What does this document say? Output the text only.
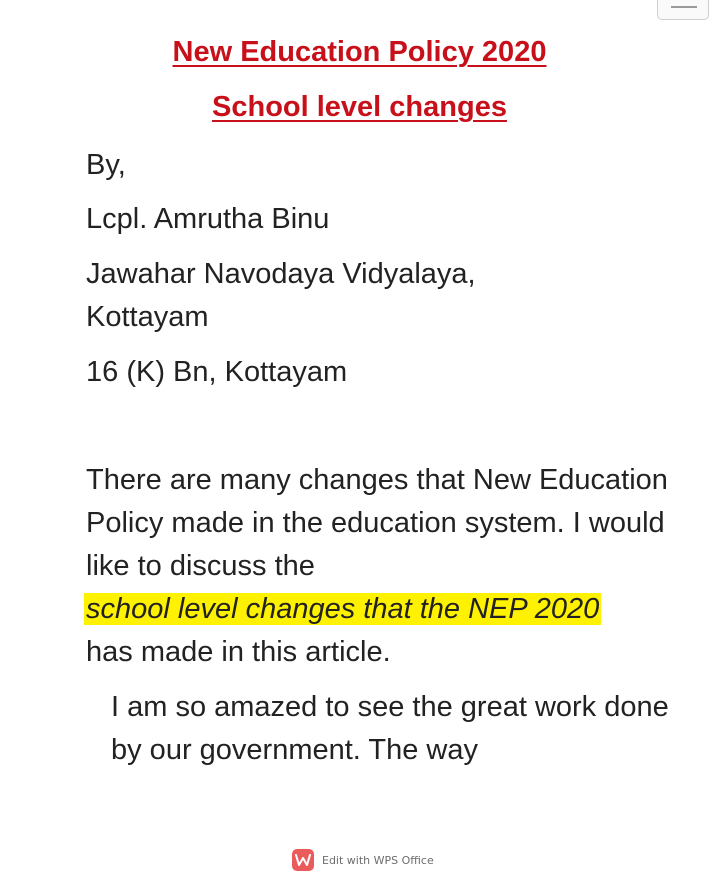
New Education Policy 2020
School level changes

By,

Lcpl. Amrutha Binu

Jawahar Navodaya Vidyalaya,

Kottayam

16 (K) Bn, Kottayam

There are many changes that New Education Policy made in the education system. I would like to discuss the
school level changes that the NEP 2020
has made in this article.

I am so amazed to see the great work done by our government. The way

Edit with WPS Office
